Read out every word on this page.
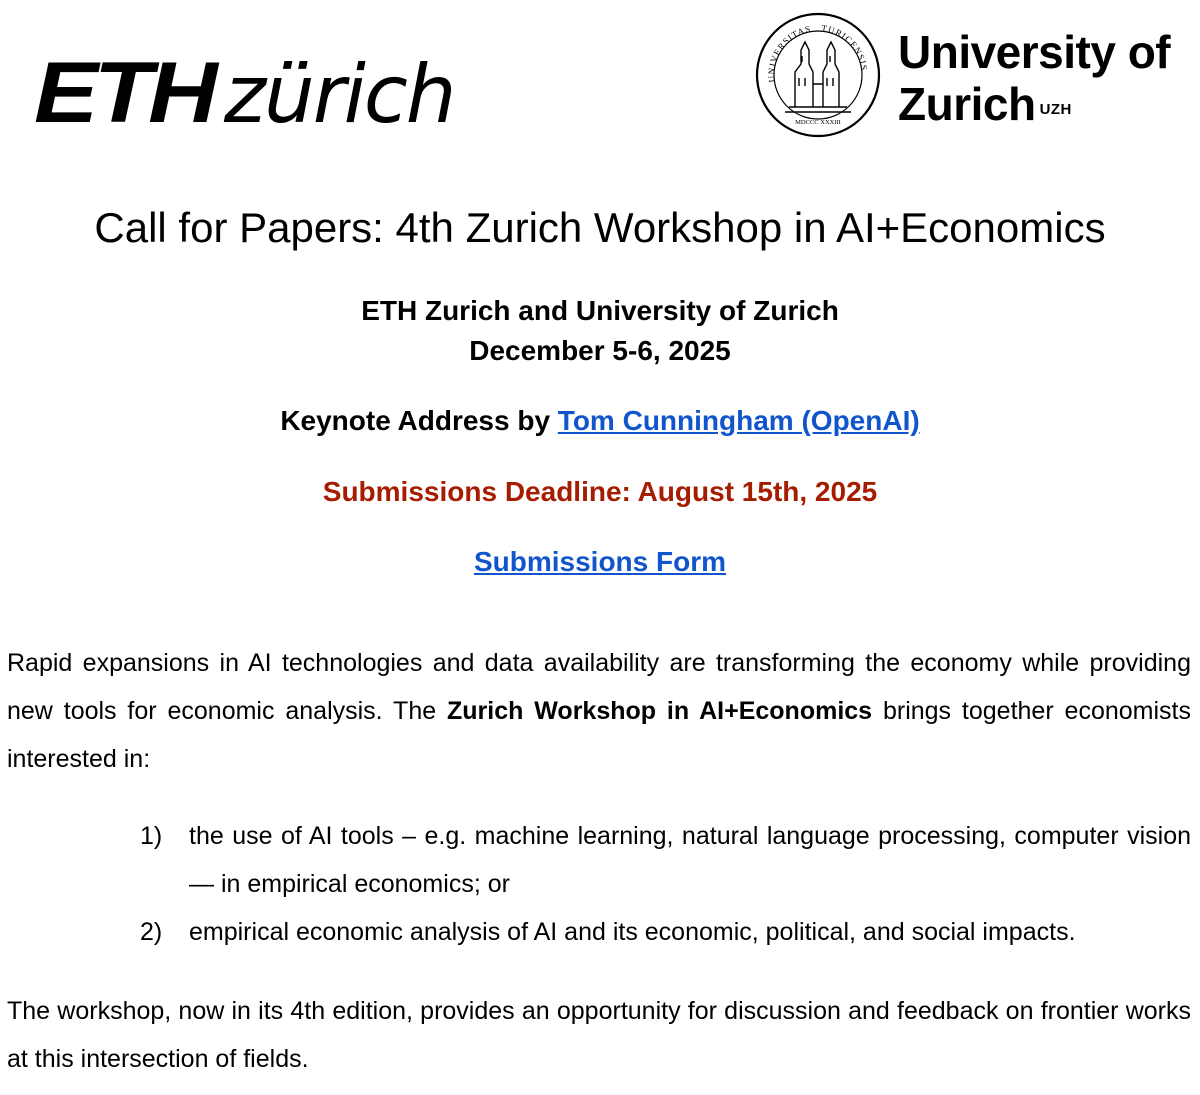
ETH zürich	UNIVERSITAS TURICENSIS
MDCCC XXXIII
University of
Zurich $^{UZH}$
Call for Papers: 4th Zurich Workshop in AI+Economics
ETH Zurich and University of Zurich
December 5-6, 2025
Keynote Address by Tom Cunningham (OpenAI)
Submissions Deadline: August 15th, 2025
Submissions Form

Rapid expansions in AI technologies and data availability are transforming the economy while providing new tools for economic analysis. The Zurich Workshop in AI+Economics brings together economists interested in:

1) the use of AI tools – e.g. machine learning, natural language processing, computer vision — in empirical economics; or
2) empirical economic analysis of AI and its economic, political, and social impacts.

The workshop, now in its 4th edition, provides an opportunity for discussion and feedback on frontier works at this intersection of fields.
